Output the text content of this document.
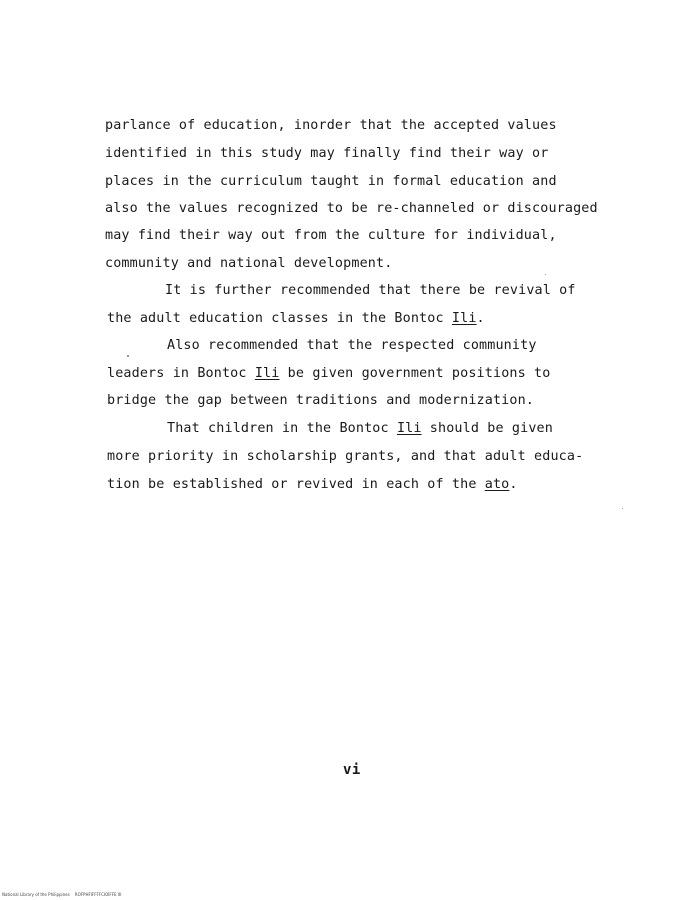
parlance of education, inorder that the accepted values
identified in this study may finally find their way or
places in the curriculum taught in formal education and
also the values recognized to be re-channeled or discouraged
may find their way out from the culture for individual,
community and national development.
It is further recommended that there be revival of
the adult education classes in the Bontoc Ili.
Also recommended that the respected community
leaders in Bontoc Ili be given government positions to
bridge the gap between traditions and modernization.
That children in the Bontoc Ili should be given
more priority in scholarship grants, and that adult educa-
tion be established or revived in each of the ato.
vi
National Library of the Philippines    ROFPHFIFFFFCIOIFFE III
